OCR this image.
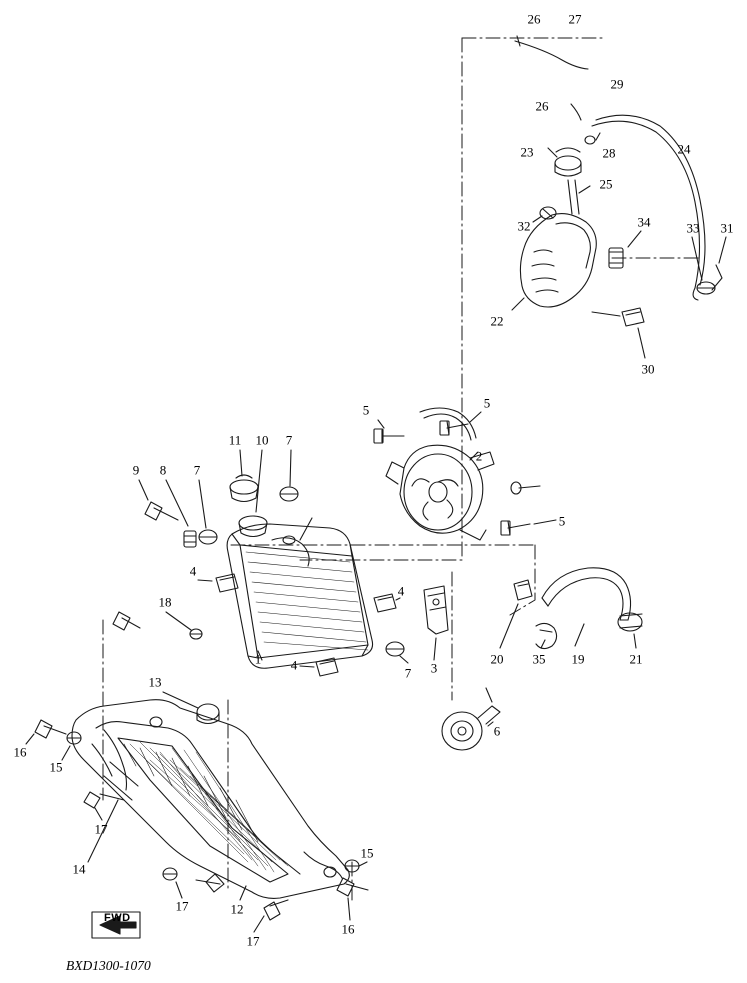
FWD
BXD1300-1070
26 27
29
26
23	28	24
25
32	34	33 31
22
30
5	5
2
11 10 7
9 8 7
5
4
4
18
20 35 19	21
3
1 4
7
13
6
16
15
17
14
15
17	12
17
16
